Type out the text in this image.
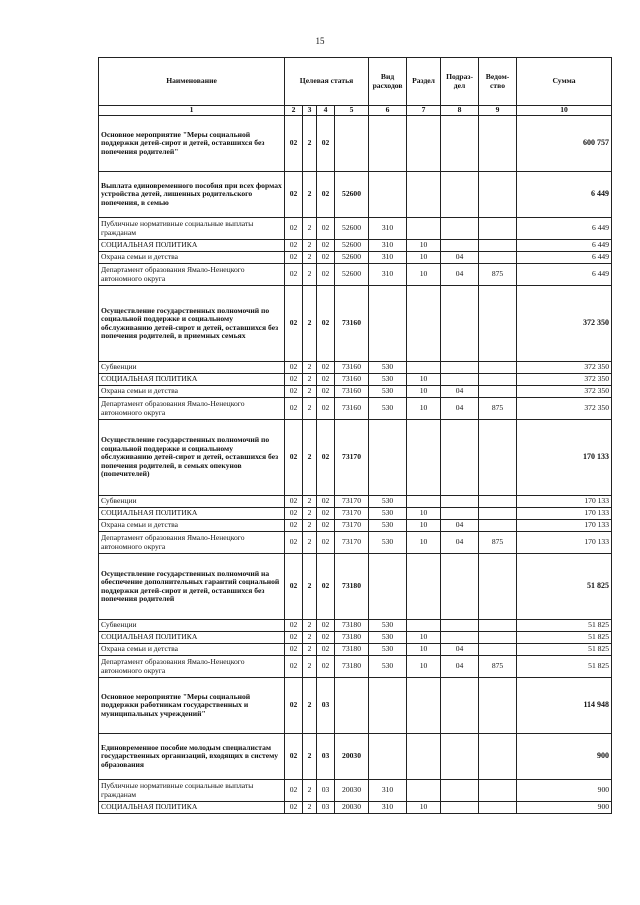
15
Наименование	Целевая статья				Вид расходов	Раздел	Подраз-дел	Ведом-ство	Сумма
1	2	3	4	5	6	7	8	9	10
Основное мероприятие "Меры социальной поддержки детей-сирот и детей, оставшихся без попечения родителей"	02	2	02						600 757
Выплата единовременного пособия при всех формах устройства детей, лишенных родительского попечения, в семью	02	2	02	52600					6 449
Публичные нормативные социальные выплаты гражданам	02	2	02	52600	310				6 449
СОЦИАЛЬНАЯ ПОЛИТИКА	02	2	02	52600	310	10			6 449
Охрана семьи и детства	02	2	02	52600	310	10	04		6 449
Департамент образования Ямало-Ненецкого автономного округа	02	2	02	52600	310	10	04	875	6 449
Осуществление государственных полномочий по социальной поддержке и социальному обслуживанию детей-сирот и детей, оставшихся без попечения родителей, в приемных семьях	02	2	02	73160					372 350
Субвенции	02	2	02	73160	530				372 350
СОЦИАЛЬНАЯ ПОЛИТИКА	02	2	02	73160	530	10			372 350
Охрана семьи и детства	02	2	02	73160	530	10	04		372 350
Департамент образования Ямало-Ненецкого автономного округа	02	2	02	73160	530	10	04	875	372 350
Осуществление государственных полномочий по социальной поддержке и социальному обслуживанию детей-сирот и детей, оставшихся без попечения родителей, в семьях опекунов (попечителей)	02	2	02	73170					170 133
Субвенции	02	2	02	73170	530				170 133
СОЦИАЛЬНАЯ ПОЛИТИКА	02	2	02	73170	530	10			170 133
Охрана семьи и детства	02	2	02	73170	530	10	04		170 133
Департамент образования Ямало-Ненецкого автономного округа	02	2	02	73170	530	10	04	875	170 133
Осуществление государственных полномочий на обеспечение дополнительных гарантий социальной поддержки детей-сирот и детей, оставшихся без попечения родителей	02	2	02	73180					51 825
Субвенции	02	2	02	73180	530				51 825
СОЦИАЛЬНАЯ ПОЛИТИКА	02	2	02	73180	530	10			51 825
Охрана семьи и детства	02	2	02	73180	530	10	04		51 825
Департамент образования Ямало-Ненецкого автономного округа	02	2	02	73180	530	10	04	875	51 825
Основное мероприятие "Меры социальной поддержки работникам государственных и муниципальных учреждений"	02	2	03						114 948
Единовременное пособие молодым специалистам государственных организаций, входящих в систему образования	02	2	03	20030					900
Публичные нормативные социальные выплаты гражданам	02	2	03	20030	310				900
СОЦИАЛЬНАЯ ПОЛИТИКА	02	2	03	20030	310	10			900
